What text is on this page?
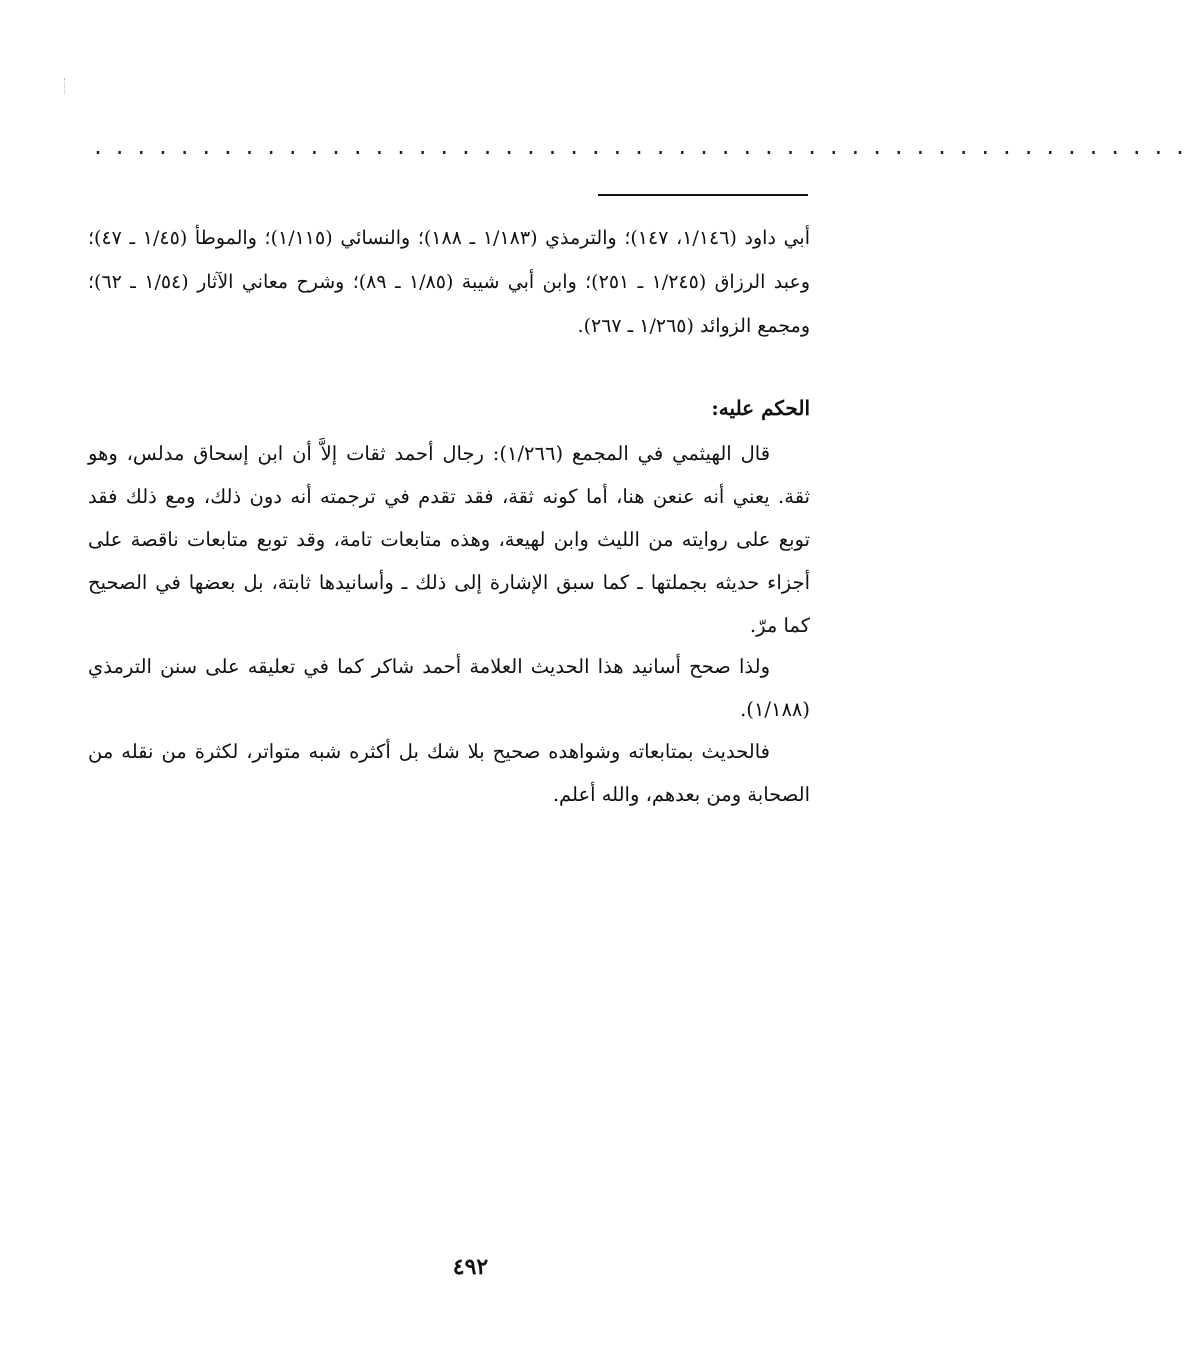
...................................................
أبي داود (١/١٤٦، ١٤٧)؛ والترمذي (١/١٨٣ ـ ١٨٨)؛ والنسائي (١/١١٥)؛ والموطأ (١/٤٥ ـ ٤٧)؛ وعبد الرزاق (١/٢٤٥ ـ ٢٥١)؛ وابن أبي شيبة (١/٨٥ ـ ٨٩)؛ وشرح معاني الآثار (١/٥٤ ـ ٦٢)؛ ومجمع الزوائد (١/٢٦٥ ـ ٢٦٧).
الحكم عليه:
قال الهيثمي في المجمع (١/٢٦٦): رجال أحمد ثقات إلاَّ أن ابن إسحاق مدلس، وهو ثقة. يعني أنه عنعن هنا، أما كونه ثقة، فقد تقدم في ترجمته أنه دون ذلك، ومع ذلك فقد توبع على روايته من الليث وابن لهيعة، وهذه متابعات تامة، وقد توبع متابعات ناقصة على أجزاء حديثه بجملتها ـ كما سبق الإشارة إلى ذلك ـ وأسانيدها ثابتة، بل بعضها في الصحيح كما مرّ.
ولذا صحح أسانيد هذا الحديث العلامة أحمد شاكر كما في تعليقه على سنن الترمذي (١/١٨٨).
فالحديث بمتابعاته وشواهده صحيح بلا شك بل أكثره شبه متواتر، لكثرة من نقله من الصحابة ومن بعدهم، والله أعلم.
٤٩٢
